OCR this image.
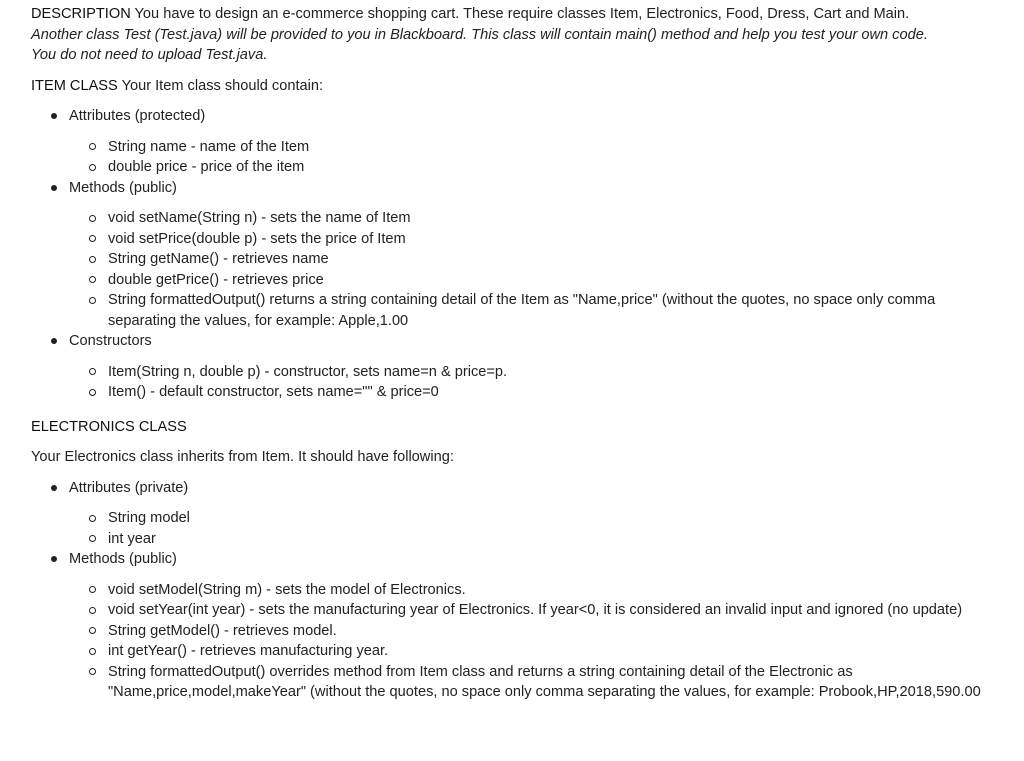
DESCRIPTION You have to design an e-commerce shopping cart. These require classes Item, Electronics, Food, Dress, Cart and Main.

Another class Test (Test.java) will be provided to you in Blackboard. This class will contain main() method and help you test your own code.

You do not need to upload Test.java.

ITEM CLASS Your Item class should contain:

Attributes (protected)
String name - name of the Item
double price - price of the item
Methods (public)
void setName(String n) - sets the name of Item
void setPrice(double p) - sets the price of Item
String getName() - retrieves name
double getPrice() - retrieves price
String formattedOutput() returns a string containing detail of the Item as "Name,price" (without the quotes, no space only comma separating the values, for example: Apple,1.00
Constructors
Item(String n, double p) - constructor, sets name=n & price=p.
Item() - default constructor, sets name="" & price=0

ELECTRONICS CLASS

Your Electronics class inherits from Item. It should have following:

Attributes (private)
String model
int year
Methods (public)
void setModel(String m) - sets the model of Electronics.
void setYear(int year) - sets the manufacturing year of Electronics. If year<0, it is considered an invalid input and ignored (no update)
String getModel() - retrieves model.
int getYear() - retrieves manufacturing year.
String formattedOutput() overrides method from Item class and returns a string containing detail of the Electronic as "Name,price,model,makeYear" (without the quotes, no space only comma separating the values, for example: Probook,HP,2018,590.00
